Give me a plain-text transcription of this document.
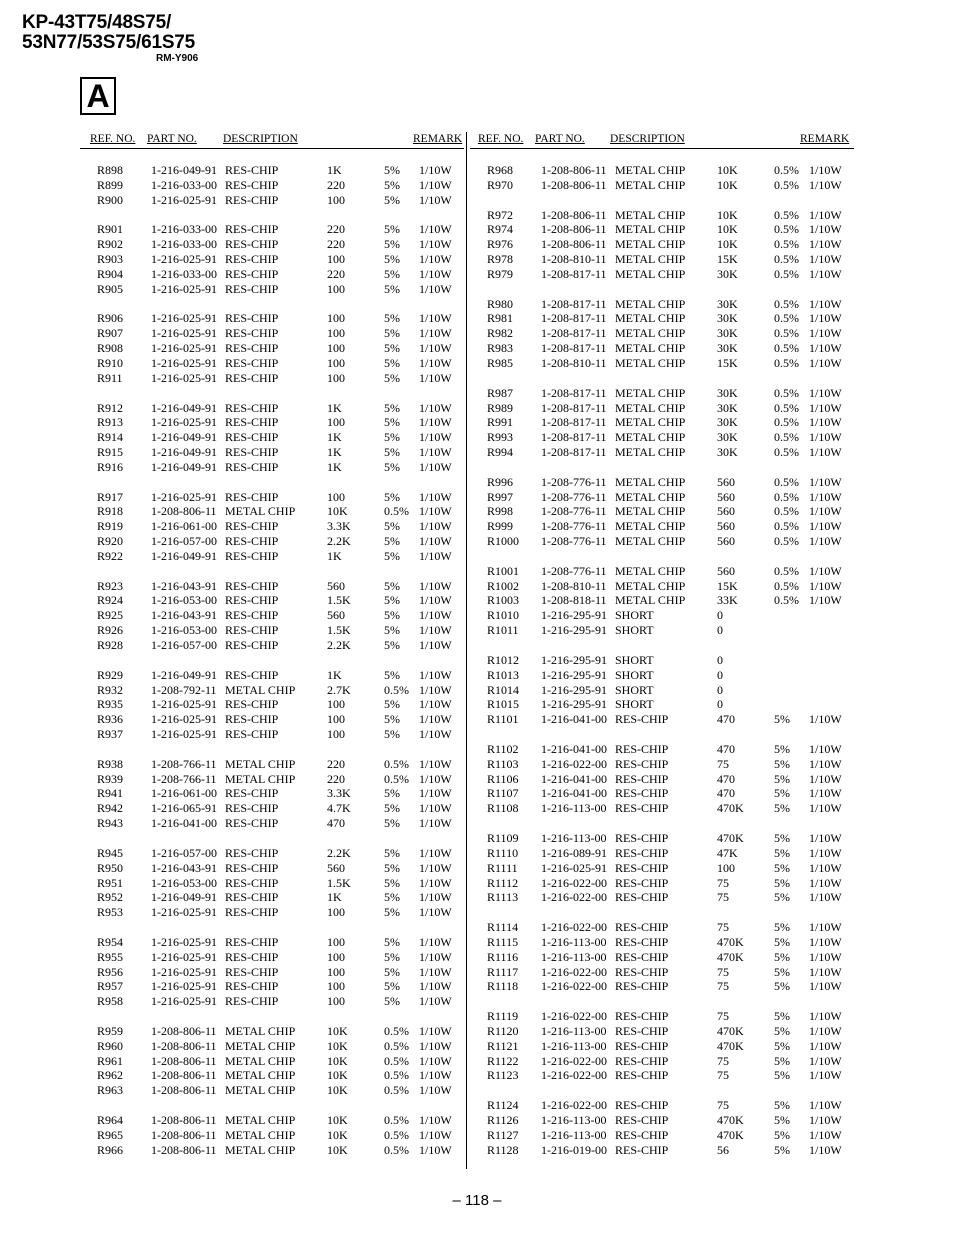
KP-43T75/48S75/
53N77/53S75/61S75
RM-Y906
A
REF. NO. PART NO. DESCRIPTION	REMARK
R898 1-216-049-91 RES-CHIP	1K	5% 1/10W
R899 1-216-033-00 RES-CHIP	220	5% 1/10W
R900 1-216-025-91 RES-CHIP	100	5% 1/10W
R901 1-216-033-00 RES-CHIP	220	5% 1/10W
R902 1-216-033-00 RES-CHIP	220	5% 1/10W
R903 1-216-025-91 RES-CHIP	100	5% 1/10W
R904 1-216-033-00 RES-CHIP	220	5% 1/10W
R905 1-216-025-91 RES-CHIP	100	5% 1/10W
R906 1-216-025-91 RES-CHIP	100	5% 1/10W
R907 1-216-025-91 RES-CHIP	100	5% 1/10W
R908 1-216-025-91 RES-CHIP	100	5% 1/10W
R910 1-216-025-91 RES-CHIP	100	5% 1/10W
R911 1-216-025-91 RES-CHIP	100	5% 1/10W
R912 1-216-049-91 RES-CHIP	1K	5% 1/10W
R913 1-216-025-91 RES-CHIP	100	5% 1/10W
R914 1-216-049-91 RES-CHIP	1K	5% 1/10W
R915 1-216-049-91 RES-CHIP	1K	5% 1/10W
R916 1-216-049-91 RES-CHIP	1K	5% 1/10W
R917 1-216-025-91 RES-CHIP	100	5% 1/10W
R918 1-208-806-11 METAL CHIP	10K	0.5% 1/10W
R919 1-216-061-00 RES-CHIP	3.3K	5% 1/10W
R920 1-216-057-00 RES-CHIP	2.2K	5% 1/10W
R922 1-216-049-91 RES-CHIP	1K	5% 1/10W
R923 1-216-043-91 RES-CHIP	560	5% 1/10W
R924 1-216-053-00 RES-CHIP	1.5K	5% 1/10W
R925 1-216-043-91 RES-CHIP	560	5% 1/10W
R926 1-216-053-00 RES-CHIP	1.5K	5% 1/10W
R928 1-216-057-00 RES-CHIP	2.2K	5% 1/10W
R929 1-216-049-91 RES-CHIP	1K	5% 1/10W
R932 1-208-792-11 METAL CHIP	2.7K	0.5% 1/10W
R935 1-216-025-91 RES-CHIP	100	5% 1/10W
R936 1-216-025-91 RES-CHIP	100	5% 1/10W
R937 1-216-025-91 RES-CHIP	100	5% 1/10W
R938 1-208-766-11 METAL CHIP	220	0.5% 1/10W
R939 1-208-766-11 METAL CHIP	220	0.5% 1/10W
R941 1-216-061-00 RES-CHIP	3.3K	5% 1/10W
R942 1-216-065-91 RES-CHIP	4.7K	5% 1/10W
R943 1-216-041-00 RES-CHIP	470	5% 1/10W
R945 1-216-057-00 RES-CHIP	2.2K	5% 1/10W
R950 1-216-043-91 RES-CHIP	560	5% 1/10W
R951 1-216-053-00 RES-CHIP	1.5K	5% 1/10W
R952 1-216-049-91 RES-CHIP	1K	5% 1/10W
R953 1-216-025-91 RES-CHIP	100	5% 1/10W
R954 1-216-025-91 RES-CHIP	100	5% 1/10W
R955 1-216-025-91 RES-CHIP	100	5% 1/10W
R956 1-216-025-91 RES-CHIP	100	5% 1/10W
R957 1-216-025-91 RES-CHIP	100	5% 1/10W
R958 1-216-025-91 RES-CHIP	100	5% 1/10W
R959 1-208-806-11 METAL CHIP	10K	0.5% 1/10W
R960 1-208-806-11 METAL CHIP	10K	0.5% 1/10W
R961 1-208-806-11 METAL CHIP	10K	0.5% 1/10W
R962 1-208-806-11 METAL CHIP	10K	0.5% 1/10W
R963 1-208-806-11 METAL CHIP	10K	0.5% 1/10W
R964 1-208-806-11 METAL CHIP	10K	0.5% 1/10W
R965 1-208-806-11 METAL CHIP	10K	0.5% 1/10W
R966 1-208-806-11 METAL CHIP	10K	0.5% 1/10W
REF. NO. PART NO. DESCRIPTION	REMARK
R968 1-208-806-11 METAL CHIP	10K	0.5% 1/10W
R970 1-208-806-11 METAL CHIP	10K	0.5% 1/10W
R972 1-208-806-11 METAL CHIP	10K	0.5% 1/10W
R974 1-208-806-11 METAL CHIP	10K	0.5% 1/10W
R976 1-208-806-11 METAL CHIP	10K	0.5% 1/10W
R978 1-208-810-11 METAL CHIP	15K	0.5% 1/10W
R979 1-208-817-11 METAL CHIP	30K	0.5% 1/10W
R980 1-208-817-11 METAL CHIP	30K	0.5% 1/10W
R981 1-208-817-11 METAL CHIP	30K	0.5% 1/10W
R982 1-208-817-11 METAL CHIP	30K	0.5% 1/10W
R983 1-208-817-11 METAL CHIP	30K	0.5% 1/10W
R985 1-208-810-11 METAL CHIP	15K	0.5% 1/10W
R987 1-208-817-11 METAL CHIP	30K	0.5% 1/10W
R989 1-208-817-11 METAL CHIP	30K	0.5% 1/10W
R991 1-208-817-11 METAL CHIP	30K	0.5% 1/10W
R993 1-208-817-11 METAL CHIP	30K	0.5% 1/10W
R994 1-208-817-11 METAL CHIP	30K	0.5% 1/10W
R996 1-208-776-11 METAL CHIP	560	0.5% 1/10W
R997 1-208-776-11 METAL CHIP	560	0.5% 1/10W
R998 1-208-776-11 METAL CHIP	560	0.5% 1/10W
R999 1-208-776-11 METAL CHIP	560	0.5% 1/10W
R1000 1-208-776-11 METAL CHIP	560	0.5% 1/10W
R1001 1-208-776-11 METAL CHIP	560	0.5% 1/10W
R1002 1-208-810-11 METAL CHIP	15K	0.5% 1/10W
R1003 1-208-818-11 METAL CHIP	33K	0.5% 1/10W
R1010 1-216-295-91 SHORT	0
R1011 1-216-295-91 SHORT	0
R1012 1-216-295-91 SHORT	0
R1013 1-216-295-91 SHORT	0
R1014 1-216-295-91 SHORT	0
R1015 1-216-295-91 SHORT	0
R1101 1-216-041-00 RES-CHIP	470	5% 1/10W
R1102 1-216-041-00 RES-CHIP	470	5% 1/10W
R1103 1-216-022-00 RES-CHIP	75	5% 1/10W
R1106 1-216-041-00 RES-CHIP	470	5% 1/10W
R1107 1-216-041-00 RES-CHIP	470	5% 1/10W
R1108 1-216-113-00 RES-CHIP	470K	5% 1/10W
R1109 1-216-113-00 RES-CHIP	470K	5% 1/10W
R1110 1-216-089-91 RES-CHIP	47K	5% 1/10W
R1111 1-216-025-91 RES-CHIP	100	5% 1/10W
R1112 1-216-022-00 RES-CHIP	75	5% 1/10W
R1113 1-216-022-00 RES-CHIP	75	5% 1/10W
R1114 1-216-022-00 RES-CHIP	75	5% 1/10W
R1115 1-216-113-00 RES-CHIP	470K	5% 1/10W
R1116 1-216-113-00 RES-CHIP	470K	5% 1/10W
R1117 1-216-022-00 RES-CHIP	75	5% 1/10W
R1118 1-216-022-00 RES-CHIP	75	5% 1/10W
R1119 1-216-022-00 RES-CHIP	75	5% 1/10W
R1120 1-216-113-00 RES-CHIP	470K	5% 1/10W
R1121 1-216-113-00 RES-CHIP	470K	5% 1/10W
R1122 1-216-022-00 RES-CHIP	75	5% 1/10W
R1123 1-216-022-00 RES-CHIP	75	5% 1/10W
R1124 1-216-022-00 RES-CHIP	75	5% 1/10W
R1126 1-216-113-00 RES-CHIP	470K	5% 1/10W
R1127 1-216-113-00 RES-CHIP	470K	5% 1/10W
R1128 1-216-019-00 RES-CHIP	56	5% 1/10W
– 118 –
